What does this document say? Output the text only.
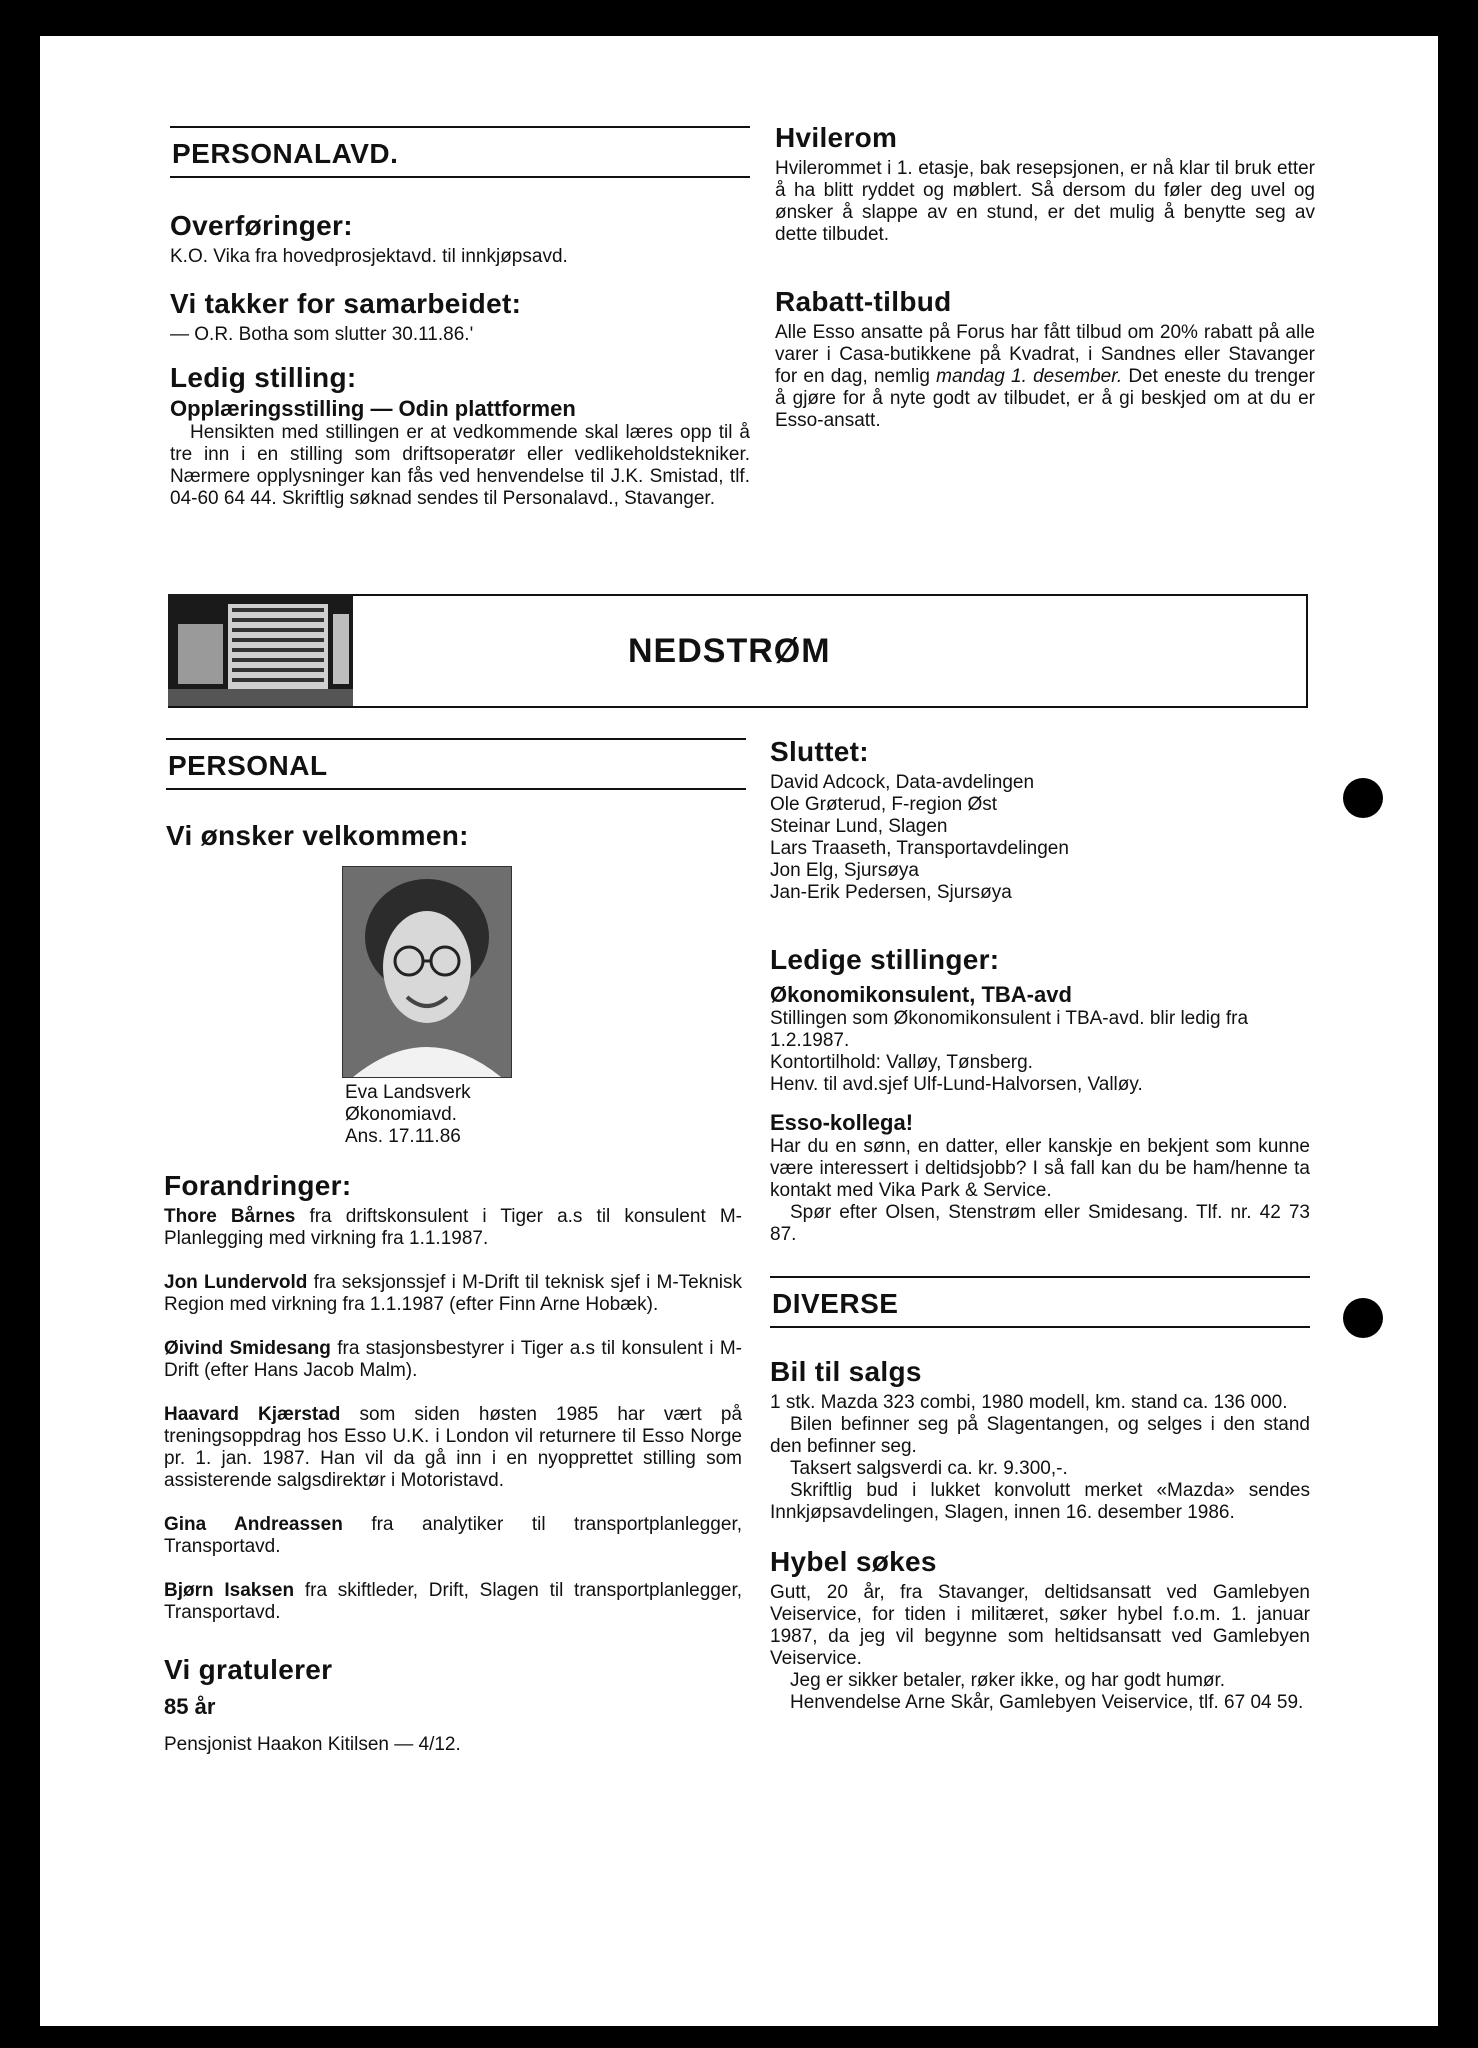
PERSONALAVD.

Overføringer:

K.O. Vika fra hovedprosjektavd. til innkjøpsavd.

Vi takker for samarbeidet:

— O.R. Botha som slutter 30.11.86.'

Ledig stilling:

Opplæringsstilling — Odin plattformen

Hensikten med stillingen er at vedkommende skal læres opp til å tre inn i en stilling som driftsoperatør eller vedlikeholdstekniker. Nærmere opplysninger kan fås ved henvendelse til J.K. Smistad, tlf. 04-60 64 44. Skriftlig søknad sendes til Personalavd., Stavanger.

Hvilerom

Hvilerommet i 1. etasje, bak resepsjonen, er nå klar til bruk etter å ha blitt ryddet og møblert. Så dersom du føler deg uvel og ønsker å slappe av en stund, er det mulig å benytte seg av dette tilbudet.

Rabatt-tilbud

Alle Esso ansatte på Forus har fått tilbud om 20% rabatt på alle varer i Casa-butikkene på Kvadrat, i Sandnes eller Stavanger for en dag, nemlig mandag 1. desember. Det eneste du trenger å gjøre for å nyte godt av tilbudet, er å gi beskjed om at du er Esso-ansatt.

NEDSTRØM
PERSONAL

Vi ønsker velkommen:

Eva Landsverk

Økonomiavd.

Ans. 17.11.86

Forandringer:

Thore Bårnes fra driftskonsulent i Tiger a.s til konsulent M-Planlegging med virkning fra 1.1.1987.

Jon Lundervold fra seksjonssjef i M-Drift til teknisk sjef i M-Teknisk Region med virkning fra 1.1.1987 (efter Finn Arne Hobæk).

Øivind Smidesang fra stasjonsbestyrer i Tiger a.s til konsulent i M-Drift (efter Hans Jacob Malm).

Haavard Kjærstad som siden høsten 1985 har vært på treningsoppdrag hos Esso U.K. i London vil returnere til Esso Norge pr. 1. jan. 1987. Han vil da gå inn i en nyopprettet stilling som assisterende salgsdirektør i Motoristavd.

Gina Andreassen fra analytiker til transportplanlegger, Transportavd.

Bjørn Isaksen fra skiftleder, Drift, Slagen til transportplanlegger, Transportavd.

Vi gratulerer

85 år

Pensjonist Haakon Kitilsen — 4/12.

Sluttet:

David Adcock, Data-avdelingen

Ole Grøterud, F-region Øst

Steinar Lund, Slagen

Lars Traaseth, Transportavdelingen

Jon Elg, Sjursøya

Jan-Erik Pedersen, Sjursøya

Ledige stillinger:

Økonomikonsulent, TBA-avd

Stillingen som Økonomikonsulent i TBA-avd. blir ledig fra 1.2.1987.

Kontortilhold: Valløy, Tønsberg.

Henv. til avd.sjef Ulf-Lund-Halvorsen, Valløy.

Esso-kollega!

Har du en sønn, en datter, eller kanskje en bekjent som kunne være interessert i deltidsjobb? I så fall kan du be ham/henne ta kontakt med Vika Park & Service.

Spør efter Olsen, Stenstrøm eller Smidesang. Tlf. nr. 42 73 87.

DIVERSE

Bil til salgs

1 stk. Mazda 323 combi, 1980 modell, km. stand ca. 136 000.

Bilen befinner seg på Slagentangen, og selges i den stand den befinner seg.

Taksert salgsverdi ca. kr. 9.300,-.

Skriftlig bud i lukket konvolutt merket «Mazda» sendes Innkjøpsavdelingen, Slagen, innen 16. desember 1986.

Hybel søkes

Gutt, 20 år, fra Stavanger, deltidsansatt ved Gamlebyen Veiservice, for tiden i militæret, søker hybel f.o.m. 1. januar 1987, da jeg vil begynne som heltidsansatt ved Gamlebyen Veiservice.

Jeg er sikker betaler, røker ikke, og har godt humør.

Henvendelse Arne Skår, Gamlebyen Veiservice, tlf. 67 04 59.
